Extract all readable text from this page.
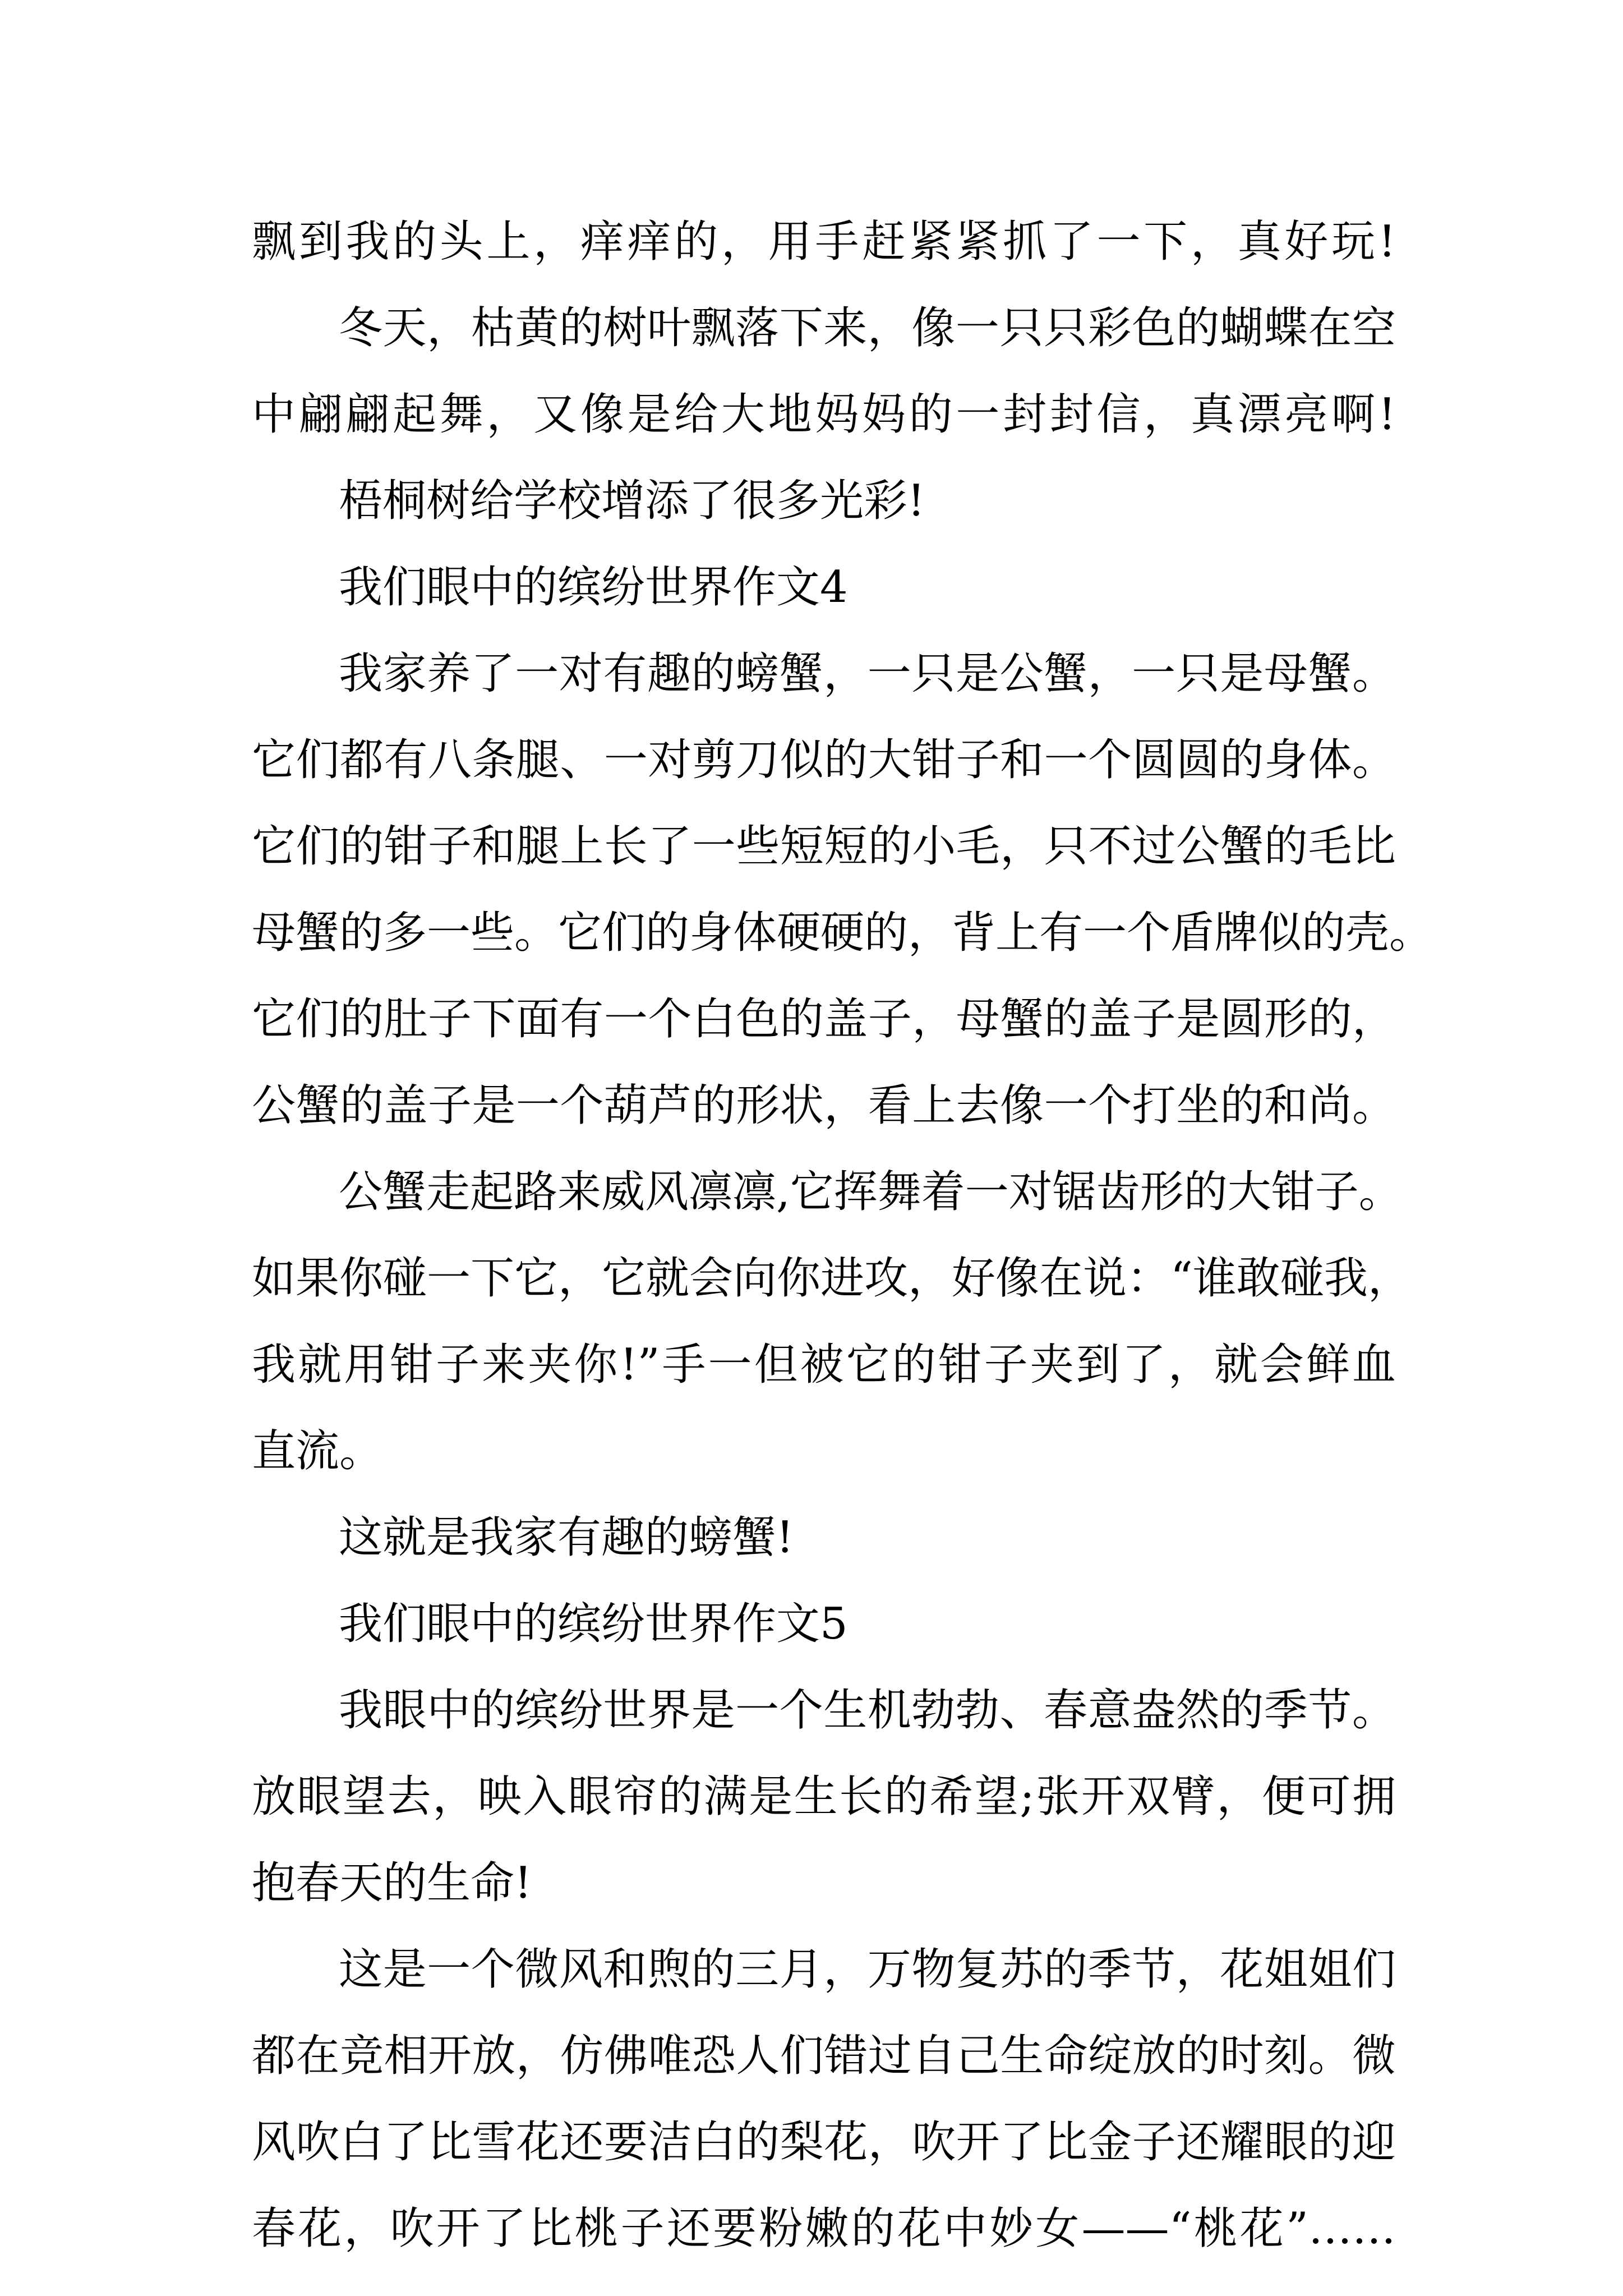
飘到我的头上，痒痒的，用手赶紧紧抓了一下，真好玩!
冬天，枯黄的树叶飘落下来，像一只只彩色的蝴蝶在空
中翩翩起舞，又像是给大地妈妈的一封封信，真漂亮啊!
梧桐树给学校增添了很多光彩!
我们眼中的缤纷世界作文4
我家养了一对有趣的螃蟹，一只是公蟹，一只是母蟹。
它们都有八条腿、一对剪刀似的大钳子和一个圆圆的身体。
它们的钳子和腿上长了一些短短的小毛，只不过公蟹的毛比
母蟹的多一些。它们的身体硬硬的，背上有一个盾牌似的壳。
它们的肚子下面有一个白色的盖子，母蟹的盖子是圆形的，
公蟹的盖子是一个葫芦的形状，看上去像一个打坐的和尚。
公蟹走起路来威风凛凛,它挥舞着一对锯齿形的大钳子。
如果你碰一下它，它就会向你进攻，好像在说：“谁敢碰我，
我就用钳子来夹你!”手一但被它的钳子夹到了，就会鲜血
直流。
这就是我家有趣的螃蟹!
我们眼中的缤纷世界作文5
我眼中的缤纷世界是一个生机勃勃、春意盎然的季节。
放眼望去，映入眼帘的满是生长的希望;张开双臂，便可拥
抱春天的生命!
这是一个微风和煦的三月，万物复苏的季节，花姐姐们
都在竞相开放，仿佛唯恐人们错过自己生命绽放的时刻。微
风吹白了比雪花还要洁白的梨花，吹开了比金子还耀眼的迎
春花，吹开了比桃子还要粉嫩的花中妙女——“桃花”……
